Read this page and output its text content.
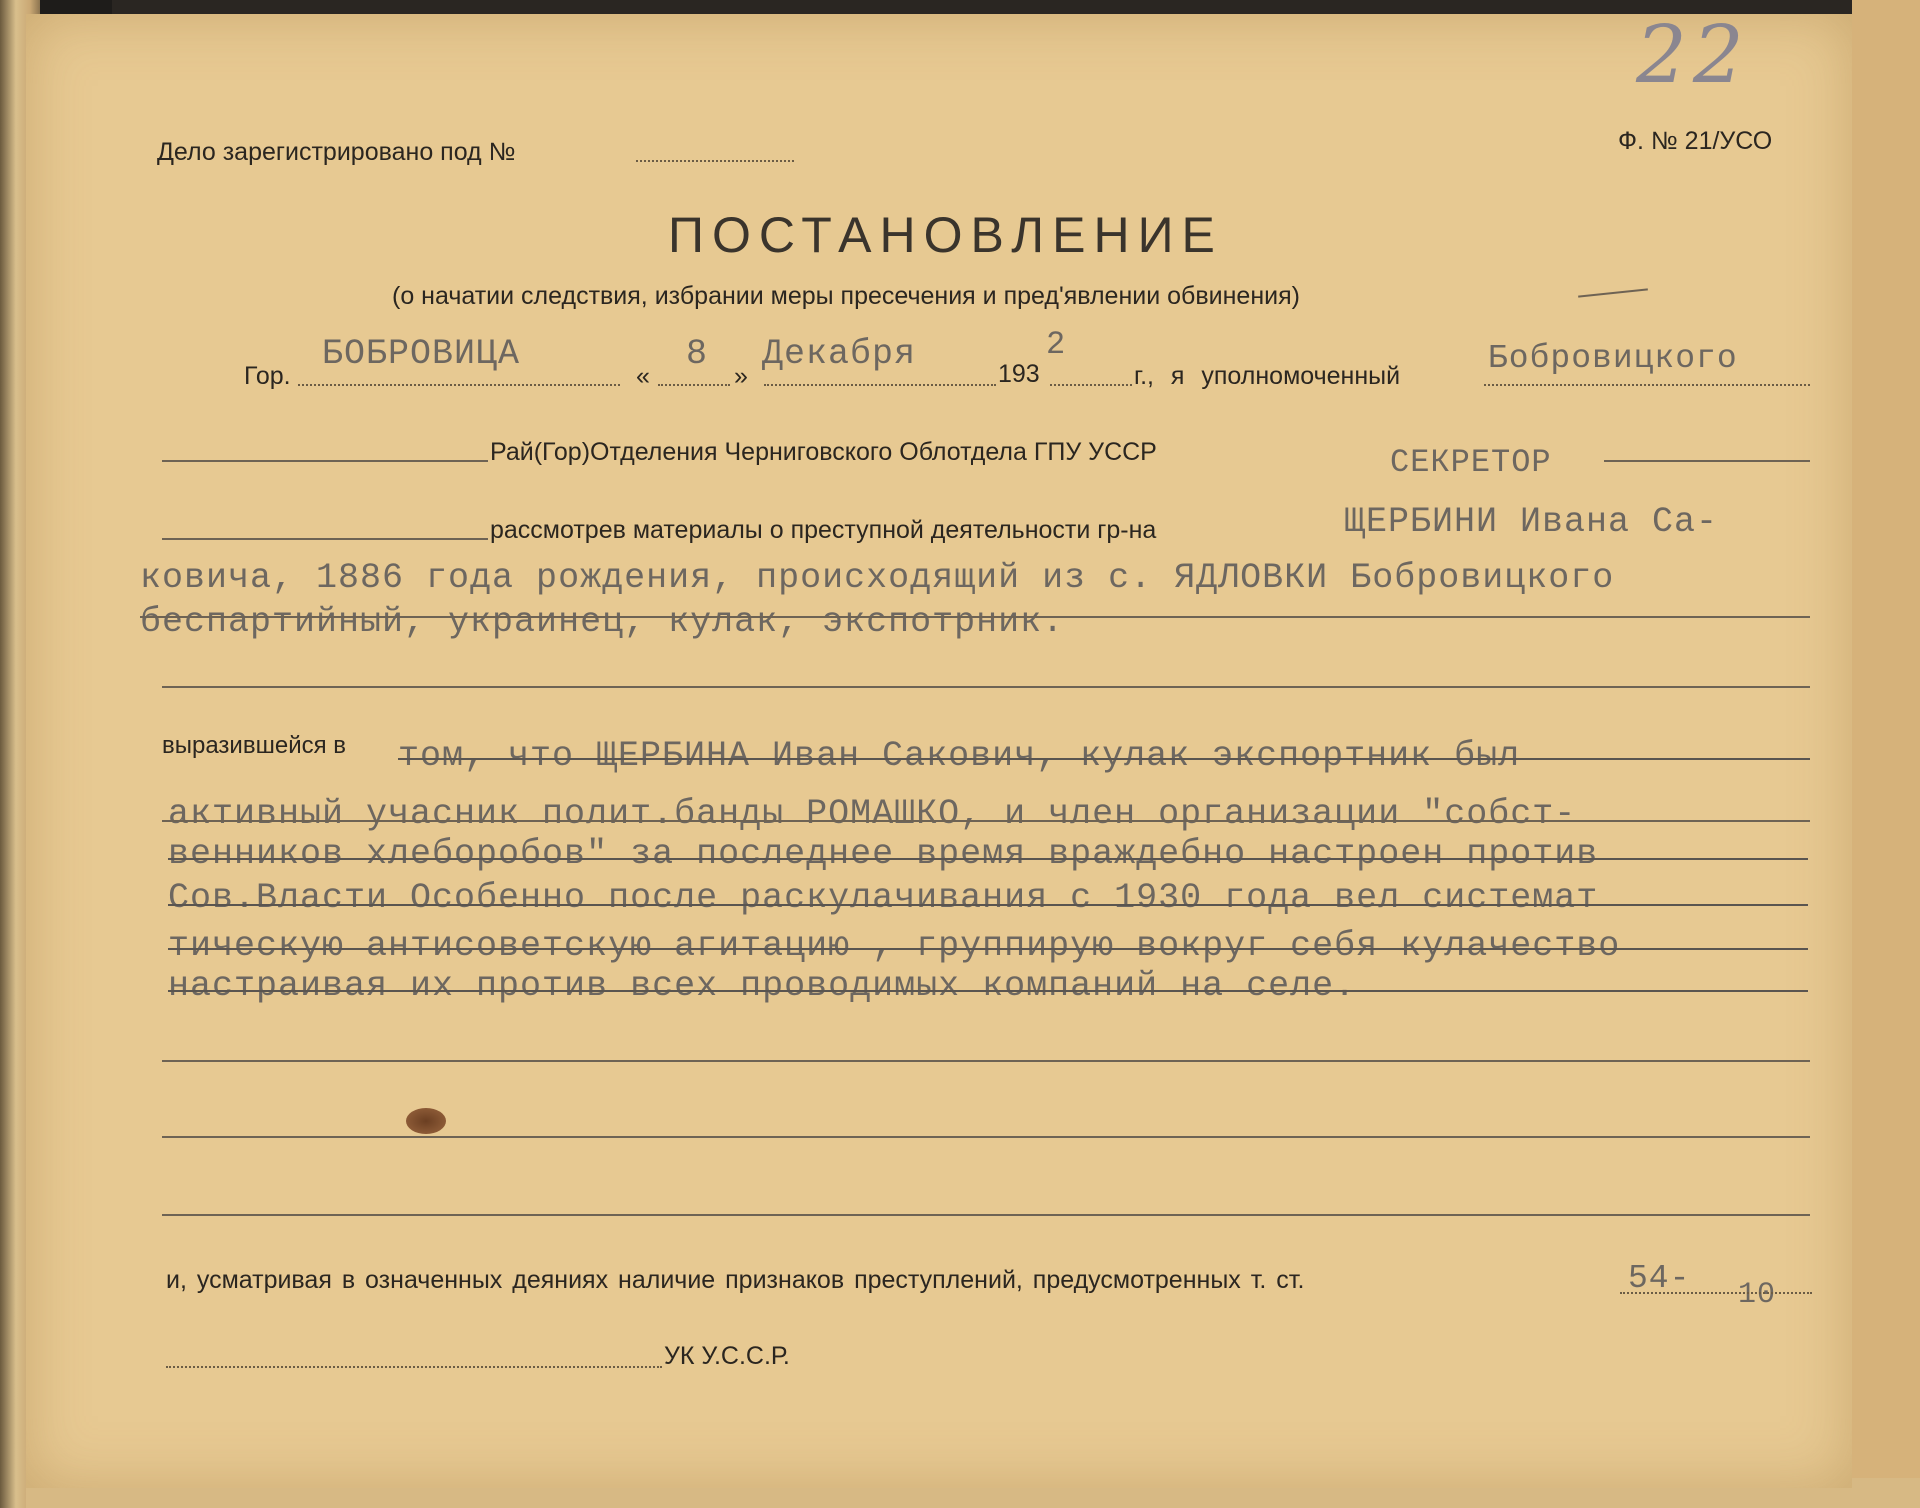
22
Дело зарегистрировано под №	Ф. № 21/УСО
ПОСТАНОВЛЕНИЕ
(о начатии следствия, избрании меры пресечения и пред'явлении обвинения)
Гор.
БОБРОВИЦА
«
8
»
Декабря	193
2
г., я уполномоченный	Бобровицкого
Рай(Гор)Отделения Черниговского Облотдела ГПУ УССР	СЕКРЕТОР
рассмотрев материалы о преступной деятельности гр-на	ЩЕРБИНИ Ивана Са-
ковича, 1886 года рождения, происходящий из с. ЯДЛОВКИ Бобровицкого
беспартийный, украинец, кулак, экспотрник.
выразившейся в том, что ЩЕРБИНА Иван Сакович, кулак экспортник был
активный учасник полит.банды РОМАШКО, и член организации "собст-
венников хлеборобов" за последнее время враждебно настроен против
Сов.Власти Особенно после раскулачивания с 1930 года вел системат
тическую антисоветскую агитацию , группирую вокруг себя кулачество
настраивая их против всех проводимых компаний на селе.
и, усматривая в означенных деяниях наличие признаков преступлений, предусмотренных т. ст.	54- 10
УК У.С.С.Р.
